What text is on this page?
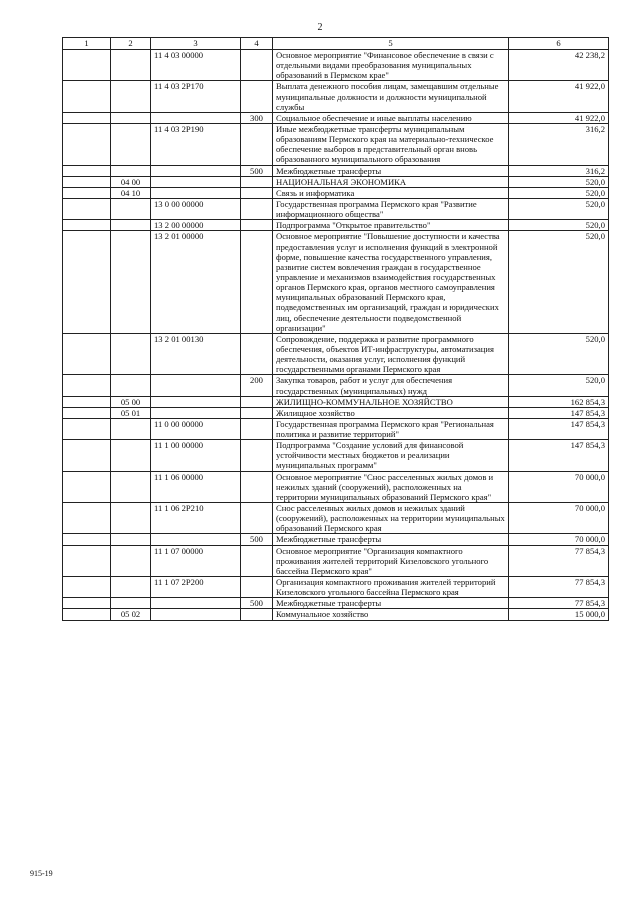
2
1	2	3	4	5	6
		11 4 03 00000		Основное мероприятие "Финансовое обеспечение в связи с отдельными видами преобразования муниципальных образований в Пермском крае"	42 238,2
		11 4 03 2Р170		Выплата денежного пособия лицам, замещавшим отдельные муниципальные должности и должности муниципальной службы	41 922,0
			300	Социальное обеспечение и иные выплаты населению	41 922,0
		11 4 03 2Р190		Иные межбюджетные трансферты муниципальным образованиям Пермского края на материально-техническое обеспечение выборов в представительный орган вновь образованного муниципального образования	316,2
			500	Межбюджетные трансферты	316,2
	04 00			НАЦИОНАЛЬНАЯ ЭКОНОМИКА	520,0
	04 10			Связь и информатика	520,0
		13 0 00 00000		Государственная программа Пермского края "Развитие информационного общества"	520,0
		13 2 00 00000		Подпрограмма "Открытое правительство"	520,0
		13 2 01 00000		Основное мероприятие "Повышение доступности и качества предоставления услуг и исполнения функций в электронной форме, повышение качества государственного управления, развитие систем вовлечения граждан в государственное управление и механизмов взаимодействия государственных органов Пермского края, органов местного самоуправления муниципальных образований Пермского края, подведомственных им организаций, граждан и юридических лиц, обеспечение деятельности подведомственной организации"	520,0
		13 2 01 00130		Сопровождение, поддержка и развитие программного обеспечения, объектов ИТ-инфраструктуры, автоматизация деятельности, оказания услуг, исполнения функций государственными органами Пермского края	520,0
			200	Закупка товаров, работ и услуг для обеспечения государственных (муниципальных) нужд	520,0
	05 00			ЖИЛИЩНО-КОММУНАЛЬНОЕ ХОЗЯЙСТВО	162 854,3
	05 01			Жилищное хозяйство	147 854,3
		11 0 00 00000		Государственная программа Пермского края "Региональная политика и развитие территорий"	147 854,3
		11 1 00 00000		Подпрограмма "Создание условий для финансовой устойчивости местных бюджетов и реализации муниципальных программ"	147 854,3
		11 1 06 00000		Основное мероприятие "Снос расселенных жилых домов и нежилых зданий (сооружений), расположенных на территории муниципальных образований Пермского края"	70 000,0
		11 1 06 2Р210		Снос расселенных жилых домов и нежилых зданий (сооружений), расположенных на территории муниципальных образований Пермского края	70 000,0
			500	Межбюджетные трансферты	70 000,0
		11 1 07 00000		Основное мероприятие "Организация компактного проживания жителей территорий Кизеловского угольного бассейна Пермского края"	77 854,3
		11 1 07 2Р200		Организация компактного проживания жителей территорий Кизеловского угольного бассейна Пермского края	77 854,3
			500	Межбюджетные трансферты	77 854,3
	05 02			Коммунальное хозяйство	15 000,0
915-19
